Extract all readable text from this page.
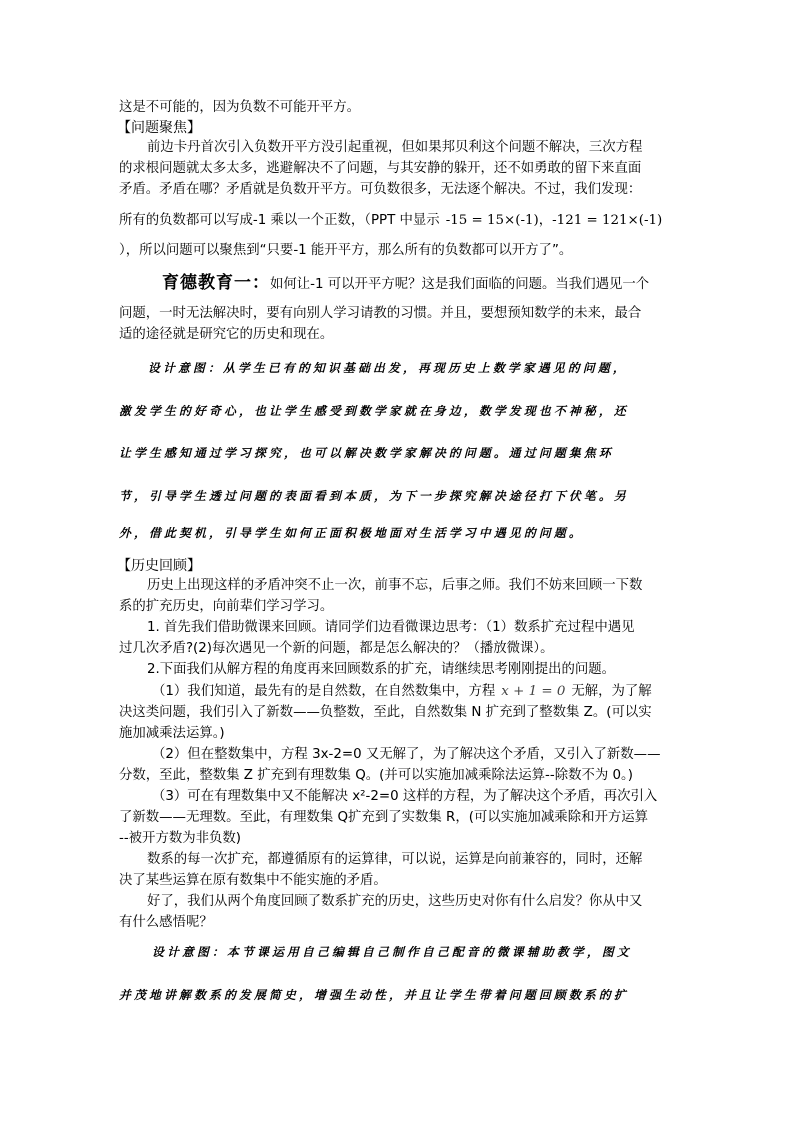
这是不可能的，因为负数不可能开平方。
【问题聚焦】
前边卡丹首次引入负数开平方没引起重视，但如果邦贝利这个问题不解决，三次方程
的求根问题就太多太多，逃避解决不了问题，与其安静的躲开，还不如勇敢的留下来直面
矛盾。矛盾在哪？矛盾就是负数开平方。可负数很多，无法逐个解决。不过，我们发现：
所有的负数都可以写成-1 乘以一个正数，（PPT 中显示 -15 = 15×(-1)，-121 = 121×(-1)
），所以问题可以聚焦到“只要-1 能开平方，那么所有的负数都可以开方了”。
育德教育一：如何让-1 可以开平方呢？这是我们面临的问题。当我们遇见一个
问题，一时无法解决时，要有向别人学习请教的习惯。并且，要想预知数学的未来，最合
适的途径就是研究它的历史和现在。
设计意图：从学生已有的知识基础出发，再现历史上数学家遇见的问题，
激发学生的好奇心，也让学生感受到数学家就在身边，数学发现也不神秘，还
让学生感知通过学习探究，也可以解决数学家解决的问题。通过问题集焦环
节，引导学生透过问题的表面看到本质，为下一步探究解决途径打下伏笔。另
外，借此契机，引导学生如何正面积极地面对生活学习中遇见的问题。
【历史回顾】
历史上出现这样的矛盾冲突不止一次，前事不忘，后事之师。我们不妨来回顾一下数
系的扩充历史，向前辈们学习学习。
1. 首先我们借助微课来回顾。请同学们边看微课边思考：（1）数系扩充过程中遇见
过几次矛盾?(2)每次遇见一个新的问题，都是怎么解决的？（播放微课）。
2.下面我们从解方程的角度再来回顾数系的扩充，请继续思考刚刚提出的问题。
（1）我们知道，最先有的是自然数，在自然数集中，方程 x + 1 = 0 无解，为了解
决这类问题，我们引入了新数——负整数，至此，自然数集 N 扩充到了整数集 Z。(可以实
施加减乘法运算。)
（2）但在整数集中，方程 3x-2=0 又无解了，为了解决这个矛盾，又引入了新数——
分数，至此，整数集 Z 扩充到有理数集 Q。(并可以实施加减乘除法运算--除数不为 0。)
（3）可在有理数集中又不能解决 x²-2=0 这样的方程，为了解决这个矛盾，再次引入
了新数——无理数。至此，有理数集 Q扩充到了实数集 R，(可以实施加减乘除和开方运算
--被开方数为非负数)
数系的每一次扩充，都遵循原有的运算律，可以说，运算是向前兼容的，同时，还解
决了某些运算在原有数集中不能实施的矛盾。
好了，我们从两个角度回顾了数系扩充的历史，这些历史对你有什么启发？你从中又
有什么感悟呢？
设计意图：本节课运用自己编辑自己制作自己配音的微课辅助教学，图文
并茂地讲解数系的发展简史，增强生动性，并且让学生带着问题回顾数系的扩
